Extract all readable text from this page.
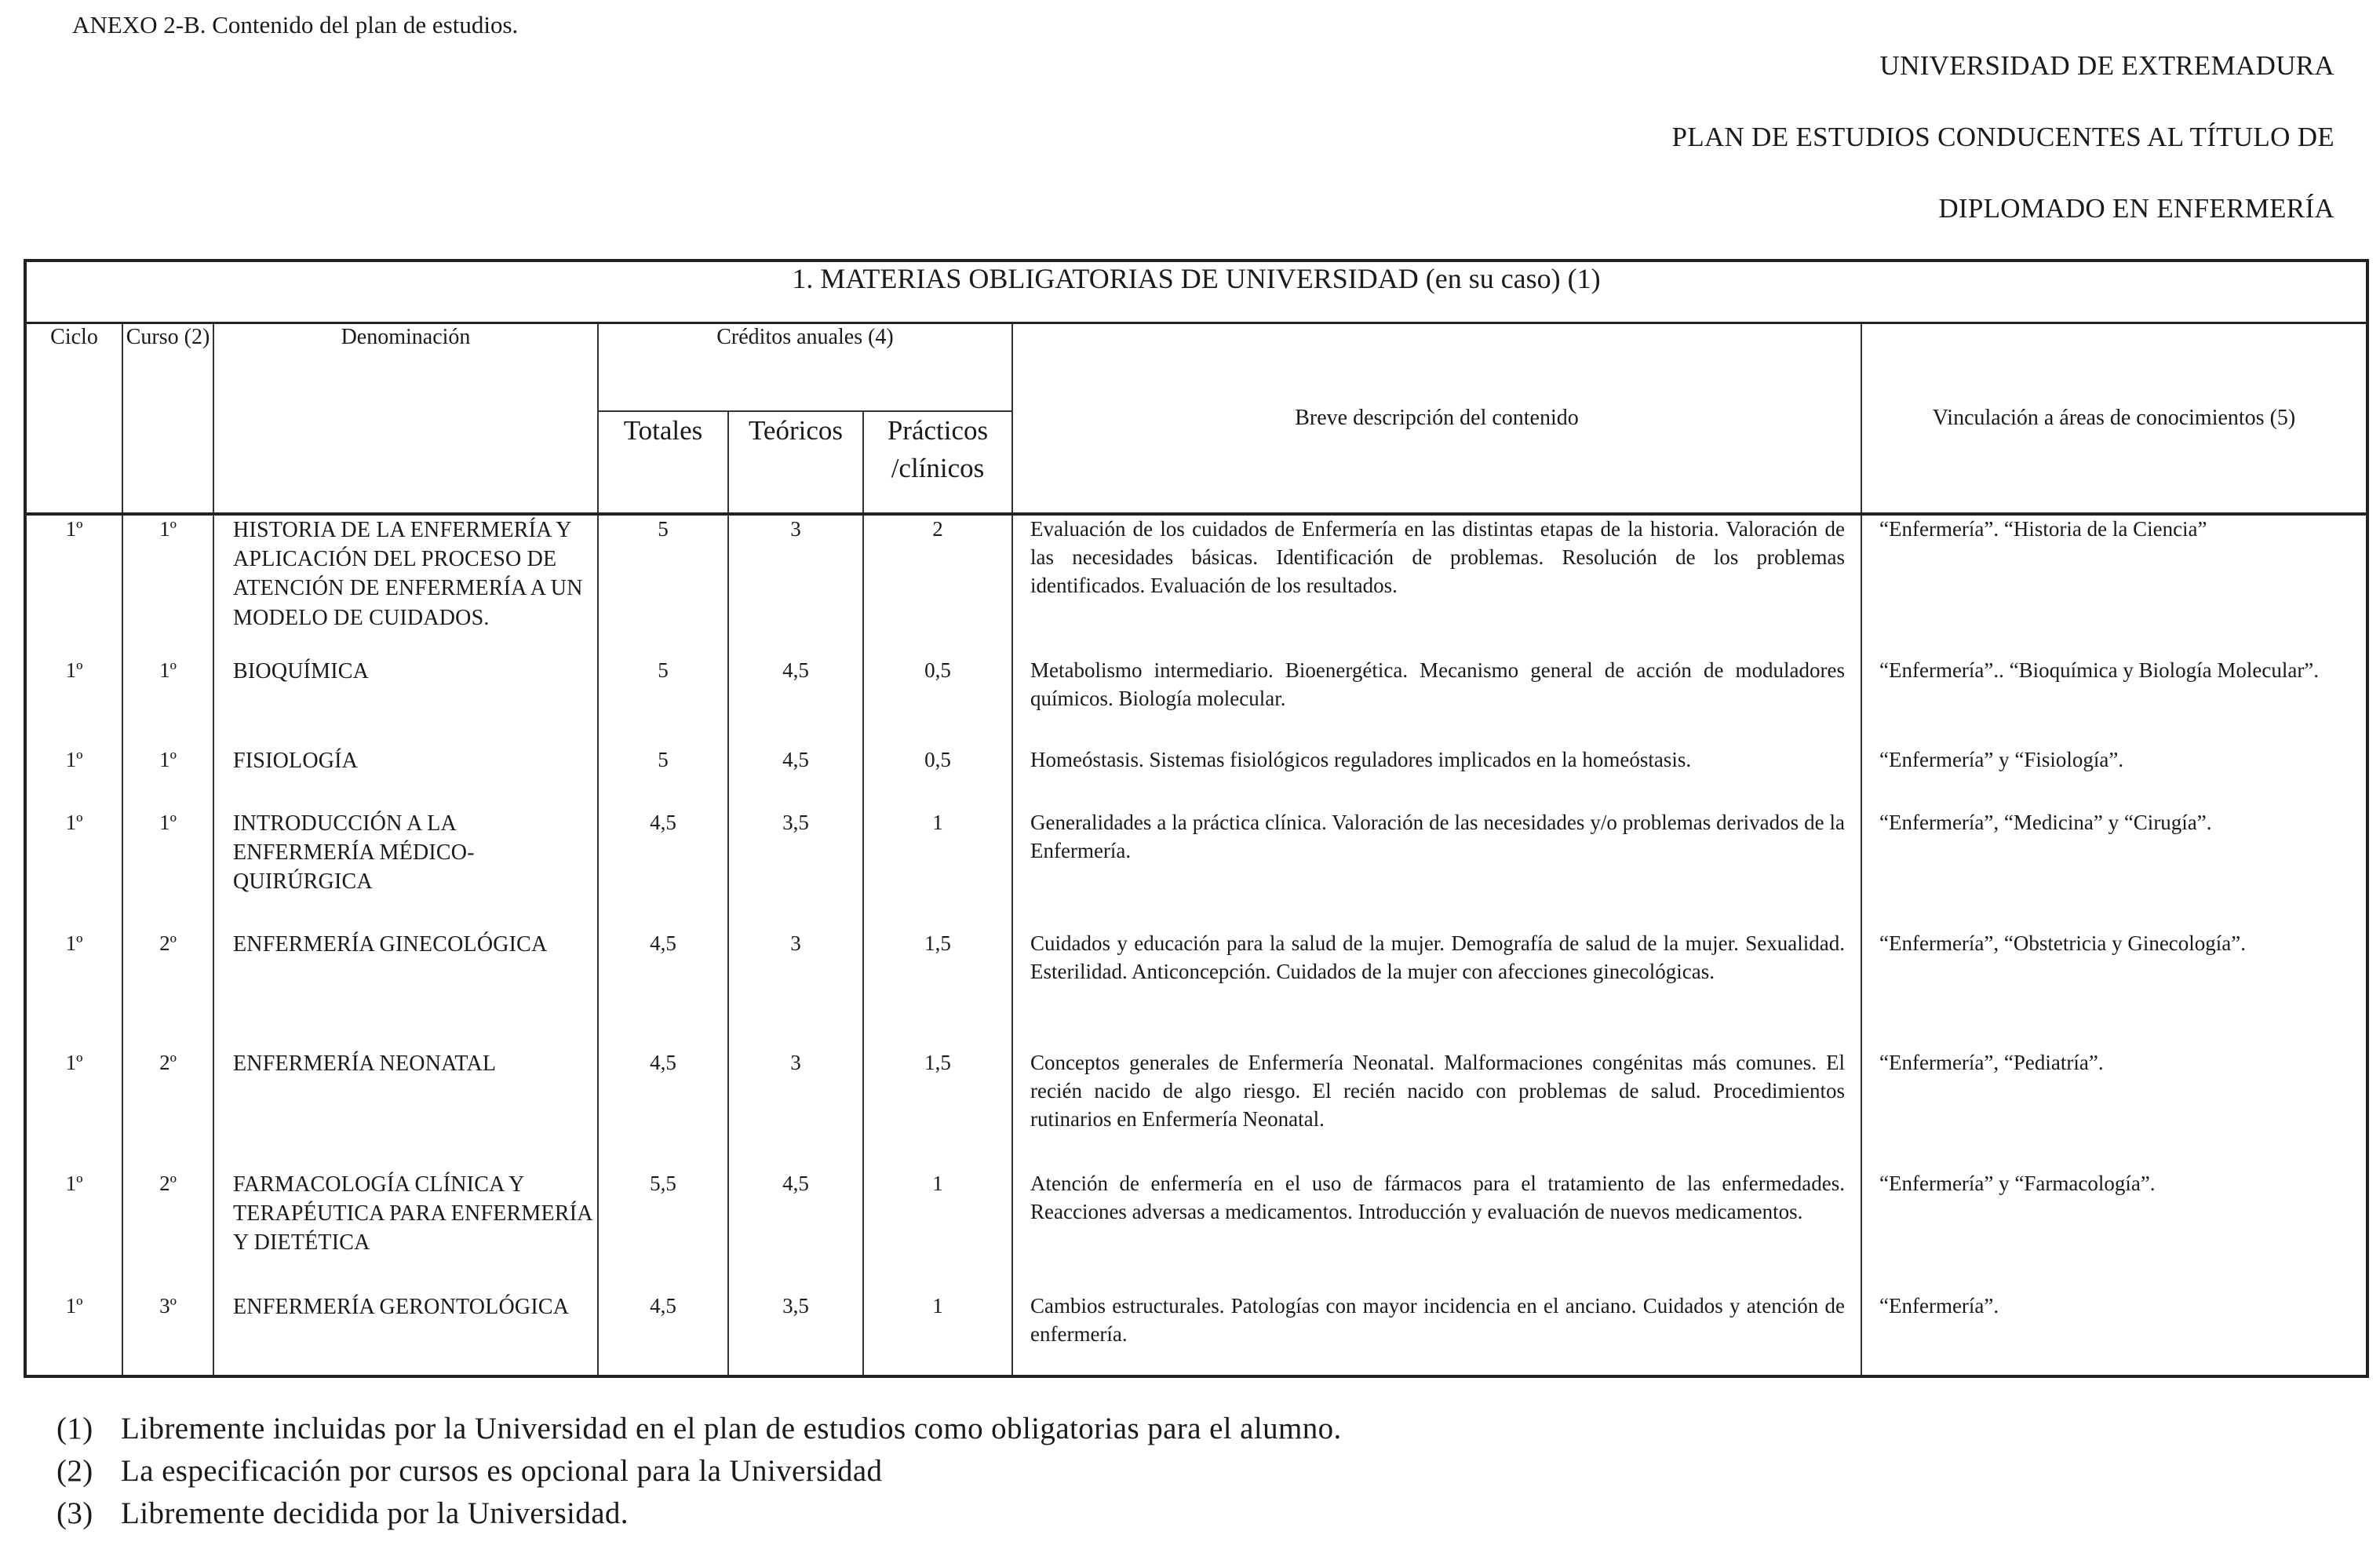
ANEXO 2-B. Contenido del plan de estudios.
UNIVERSIDAD DE EXTREMADURA
PLAN DE ESTUDIOS CONDUCENTES AL TÍTULO DE
DIPLOMADO EN ENFERMERÍA
1. MATERIAS OBLIGATORIAS DE UNIVERSIDAD (en su caso) (1)							
Ciclo	Curso (2)	Denominación	Créditos anuales (4)			Breve descripción del contenido	Vinculación a áreas de conocimientos (5)
			Totales	Teóricos	Prácticos /clínicos		
1º	1º	HISTORIA DE LA ENFERMERÍA Y APLICACIÓN DEL PROCESO DE ATENCIÓN DE ENFERMERÍA A UN MODELO DE CUIDADOS.	5	3	2	Evaluación de los cuidados de Enfermería en las distintas etapas de la historia. Valoración de las necesidades básicas. Identificación de problemas. Resolución de los problemas identificados. Evaluación de los resultados.	“Enfermería”. “Historia de la Ciencia”
1º	1º	BIOQUÍMICA	5	4,5	0,5	Metabolismo intermediario. Bioenergética. Mecanismo general de acción de moduladores químicos. Biología molecular.	“Enfermería”.. “Bioquímica y Biología Molecular”.
1º	1º	FISIOLOGÍA	5	4,5	0,5	Homeóstasis. Sistemas fisiológicos reguladores implicados en la homeóstasis.	“Enfermería” y “Fisiología”.
1º	1º	INTRODUCCIÓN A LA ENFERMERÍA MÉDICO-QUIRÚRGICA	4,5	3,5	1	Generalidades a la práctica clínica. Valoración de las necesidades y/o problemas derivados de la Enfermería.	“Enfermería”, “Medicina” y “Cirugía”.
1º	2º	ENFERMERÍA GINECOLÓGICA	4,5	3	1,5	Cuidados y educación para la salud de la mujer. Demografía de salud de la mujer. Sexualidad. Esterilidad. Anticoncepción. Cuidados de la mujer con afecciones ginecológicas.	“Enfermería”, “Obstetricia y Ginecología”.
1º	2º	ENFERMERÍA NEONATAL	4,5	3	1,5	Conceptos generales de Enfermería Neonatal. Malformaciones congénitas más comunes. El recién nacido de algo riesgo. El recién nacido con problemas de salud. Procedimientos rutinarios en Enfermería Neonatal.	“Enfermería”, “Pediatría”.
1º	2º	FARMACOLOGÍA CLÍNICA Y TERAPÉUTICA PARA ENFERMERÍA Y DIETÉTICA	5,5	4,5	1	Atención de enfermería en el uso de fármacos para el tratamiento de las enfermedades. Reacciones adversas a medicamentos. Introducción y evaluación de nuevos medicamentos.	“Enfermería” y “Farmacología”.
1º	3º	ENFERMERÍA GERONTOLÓGICA	4,5	3,5	1	Cambios estructurales. Patologías con mayor incidencia en el anciano. Cuidados y atención de enfermería.	“Enfermería”.
(1) Libremente incluidas por la Universidad en el plan de estudios como obligatorias para el alumno.
(2) La especificación por cursos es opcional para la Universidad
(3) Libremente decidida por la Universidad.
